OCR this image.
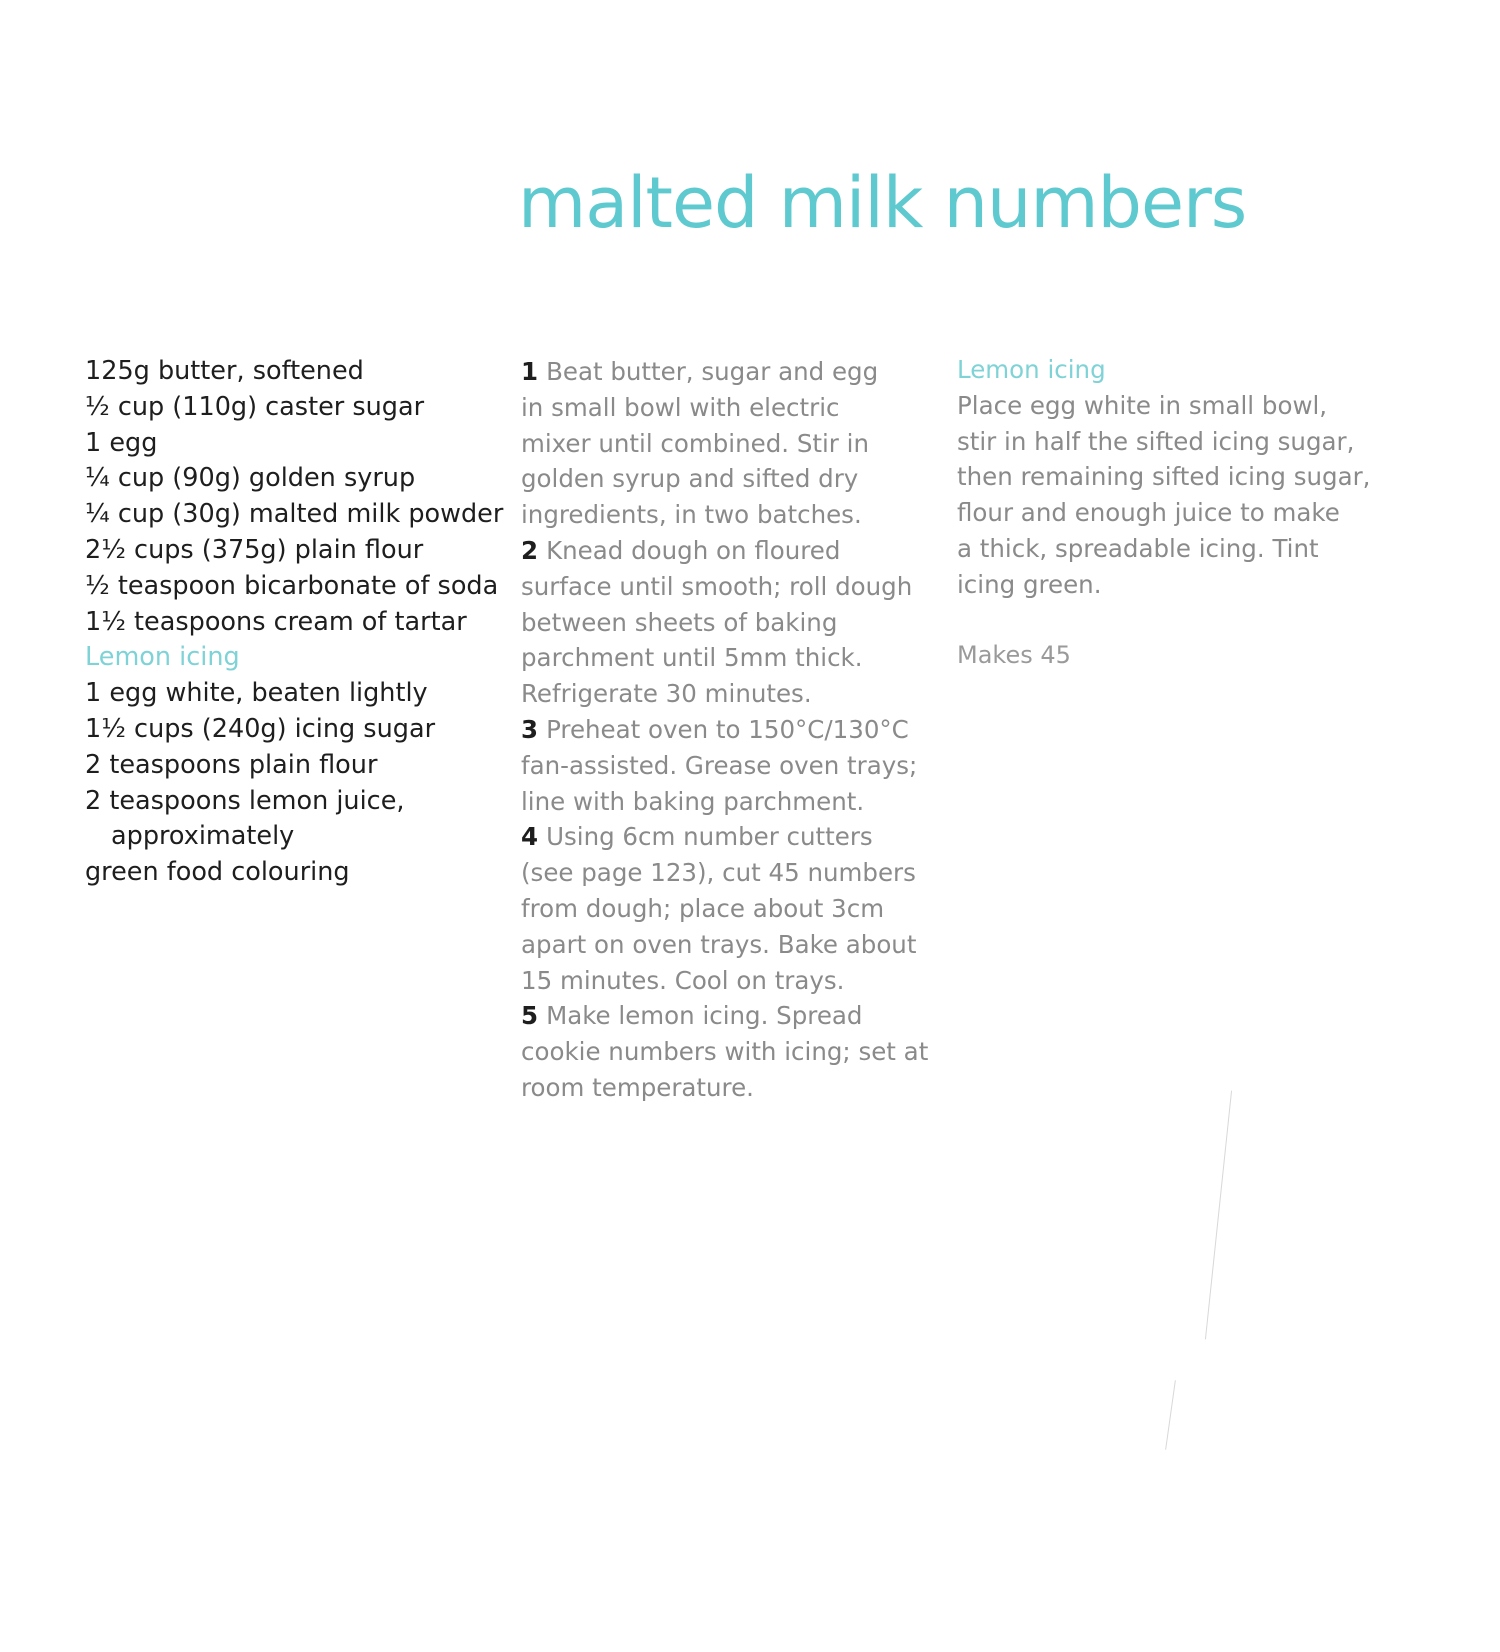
malted milk numbers
125g butter, softened
½ cup (110g) caster sugar
1 egg
¼ cup (90g) golden syrup
¼ cup (30g) malted milk powder
2½ cups (375g) plain flour
½ teaspoon bicarbonate of soda
1½ teaspoons cream of tartar
Lemon icing
1 egg white, beaten lightly
1½ cups (240g) icing sugar
2 teaspoons plain flour
2 teaspoons lemon juice,
approximately
green food colouring
1 Beat butter, sugar and egg
in small bowl with electric
mixer until combined. Stir in
golden syrup and sifted dry
ingredients, in two batches.
2 Knead dough on floured
surface until smooth; roll dough
between sheets of baking
parchment until 5mm thick.
Refrigerate 30 minutes.
3 Preheat oven to 150°C/130°C
fan-assisted. Grease oven trays;
line with baking parchment.
4 Using 6cm number cutters
(see page 123), cut 45 numbers
from dough; place about 3cm
apart on oven trays. Bake about
15 minutes. Cool on trays.
5 Make lemon icing. Spread
cookie numbers with icing; set at
room temperature.
Lemon icing
Place egg white in small bowl,
stir in half the sifted icing sugar,
then remaining sifted icing sugar,
flour and enough juice to make
a thick, spreadable icing. Tint
icing green.
Makes 45
